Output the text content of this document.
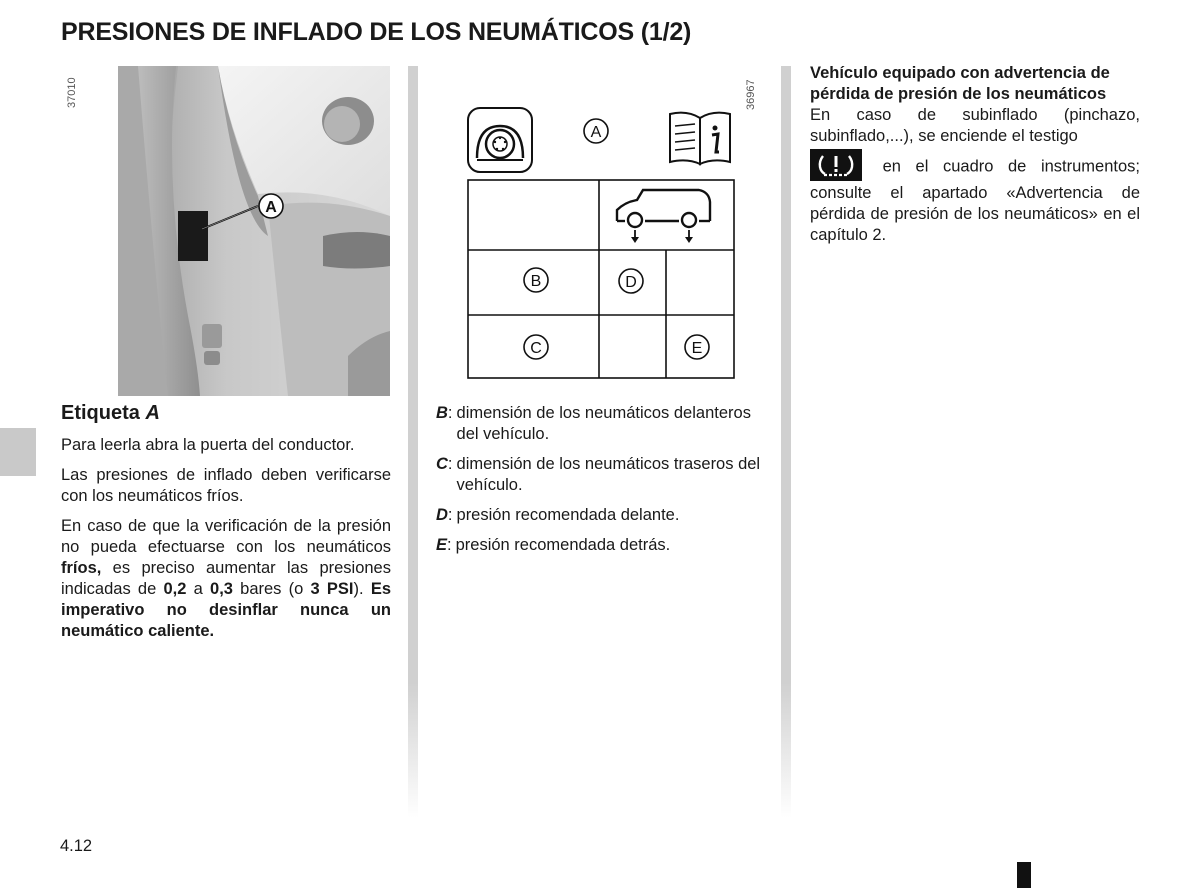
PRESIONES DE INFLADO DE LOS NEUMÁTICOS (1/2)
37010
A
Etiqueta A

Para leerla abra la puerta del conductor.

Las presiones de inflado deben verificarse con los neumáticos fríos.

En caso de que la verificación de la presión no pueda efectuarse con los neumáticos fríos, es preciso aumentar las presiones indicadas de 0,2 a 0,3 bares (o 3 PSI). Es imperativo no desinflar nunca un neumático caliente.

36967
A
B	D
C	E
B : dimensión de los neumáticos delanteros del vehículo.
C : dimensión de los neumáticos traseros del vehículo.
D : presión recomendada delante.
E : presión recomendada detrás.
Vehículo equipado con advertencia de pérdida de presión de los neumáticos
En caso de subinflado (pinchazo, subinflado,...), se enciende el testigo
en el cuadro de instrumentos; consulte el apartado «Advertencia de pérdida de presión de los neumáticos» en el capítulo 2.
4.12
